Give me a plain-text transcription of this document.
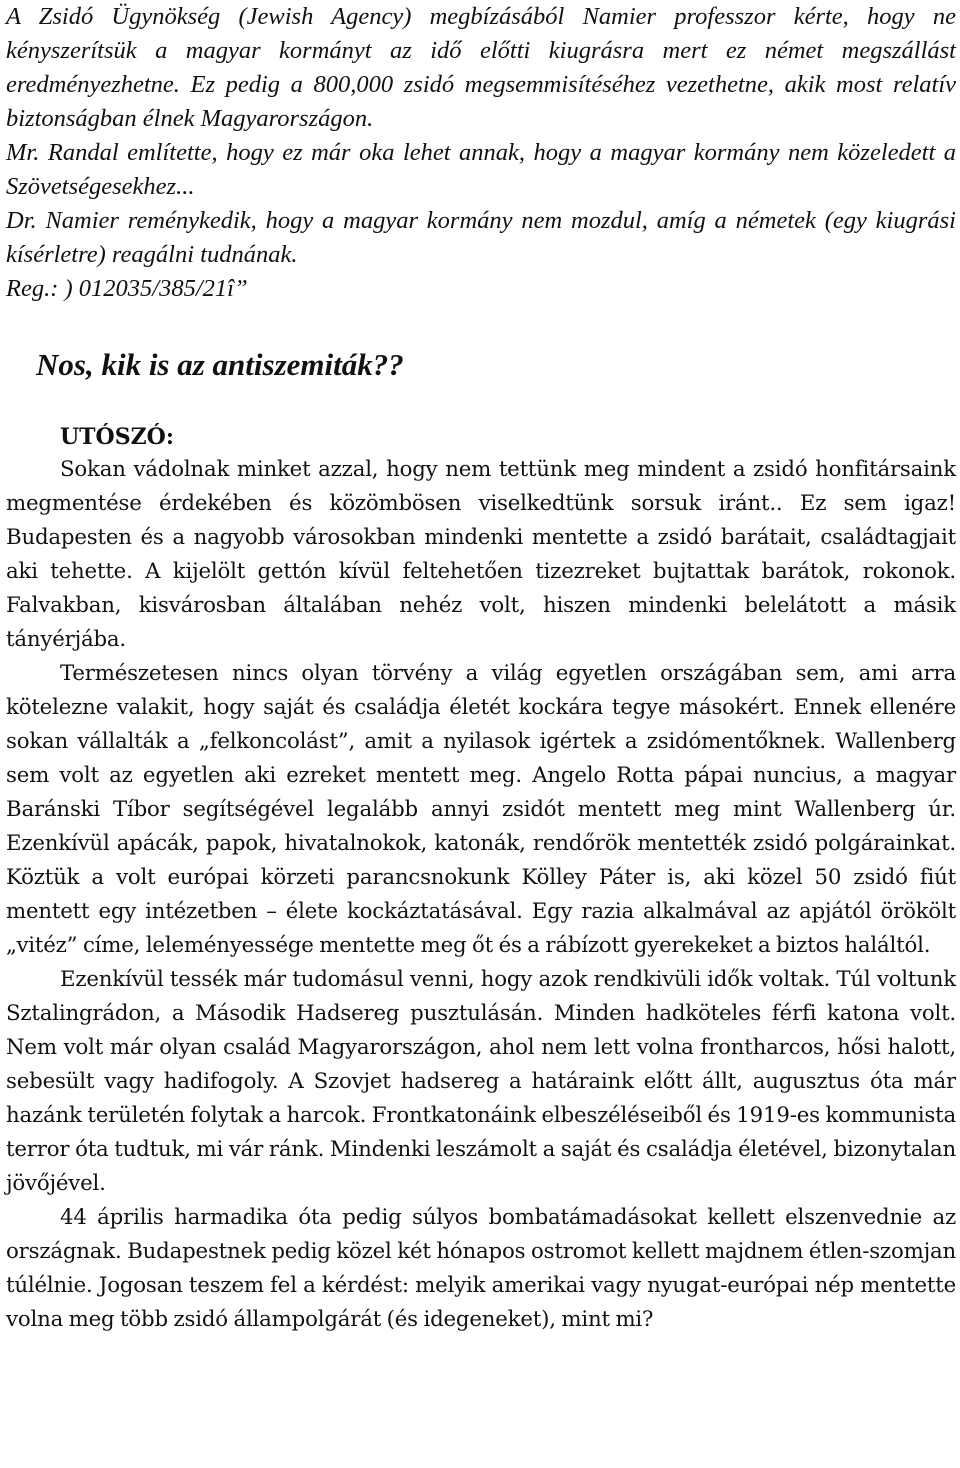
A Zsidó Ügynökség (Jewish Agency) megbízásából Namier professzor kérte, hogy ne kényszerítsük a magyar kormányt az idő előtti kiugrásra mert ez német megszállást eredményezhetne. Ez pedig a 800,000 zsidó megsemmisítéséhez vezethetne, akik most relatív biztonságban élnek Magyarországon.

Mr. Randal említette, hogy ez már oka lehet annak, hogy a magyar kormány nem közeledett a Szövetségesekhez...

Dr. Namier reménykedik, hogy a magyar kormány nem mozdul, amíg a németek (egy kiugrási kísérletre) reagálni tudnának.

Reg.: ) 012035/385/21î”

Nos, kik is az antiszemiták??
UTÓSZÓ:

Sokan vádolnak minket azzal, hogy nem tettünk meg mindent a zsidó honfitársaink megmentése érdekében és közömbösen viselkedtünk sorsuk iránt.. Ez sem igaz! Budapesten és a nagyobb városokban mindenki mentette a zsidó barátait, családtagjait aki tehette. A kijelölt gettón kívül feltehetően tizezreket bujtattak barátok, rokonok. Falvakban, kisvárosban általában nehéz volt, hiszen mindenki belelátott a másik tányérjába.

Természetesen nincs olyan törvény a világ egyetlen országában sem, ami arra kötelezne valakit, hogy saját és családja életét kockára tegye másokért. Ennek ellenére sokan vállalták a „felkoncolást”, amit a nyilasok igértek a zsidómentőknek. Wallenberg sem volt az egyetlen aki ezreket mentett meg. Angelo Rotta pápai nuncius, a magyar Baránski Tíbor segítségével legalább annyi zsidót mentett meg mint Wallenberg úr. Ezenkívül apácák, papok, hivatalnokok, katonák, rendőrök mentették zsidó polgárainkat. Köztük a volt európai körzeti parancsnokunk Kölley Páter is, aki közel 50 zsidó fiút mentett egy intézetben – élete kockáztatásával. Egy razia alkalmával az apjától örökölt „vitéz” címe, leleményessége mentette meg őt és a rábízott gyerekeket a biztos haláltól.

Ezenkívül tessék már tudomásul venni, hogy azok rendkivüli idők voltak. Túl voltunk Sztalingrádon, a Második Hadsereg pusztulásán. Minden hadköteles férfi katona volt. Nem volt már olyan család Magyarországon, ahol nem lett volna frontharcos, hősi halott, sebesült vagy hadifogoly. A Szovjet hadsereg a határaink előtt állt, augusztus óta már hazánk területén folytak a harcok. Frontkatonáink elbeszéléseiből és 1919-es kommunista terror óta tudtuk, mi vár ránk. Mindenki leszámolt a saját és családja életével, bizonytalan jövőjével.

44 április harmadika óta pedig súlyos bombatámadásokat kellett elszenvednie az országnak. Budapestnek pedig közel két hónapos ostromot kellett majdnem étlen-szomjan túlélnie. Jogosan teszem fel a kérdést: melyik amerikai vagy nyugat-európai nép mentette volna meg több zsidó állampolgárát (és idegeneket), mint mi?
